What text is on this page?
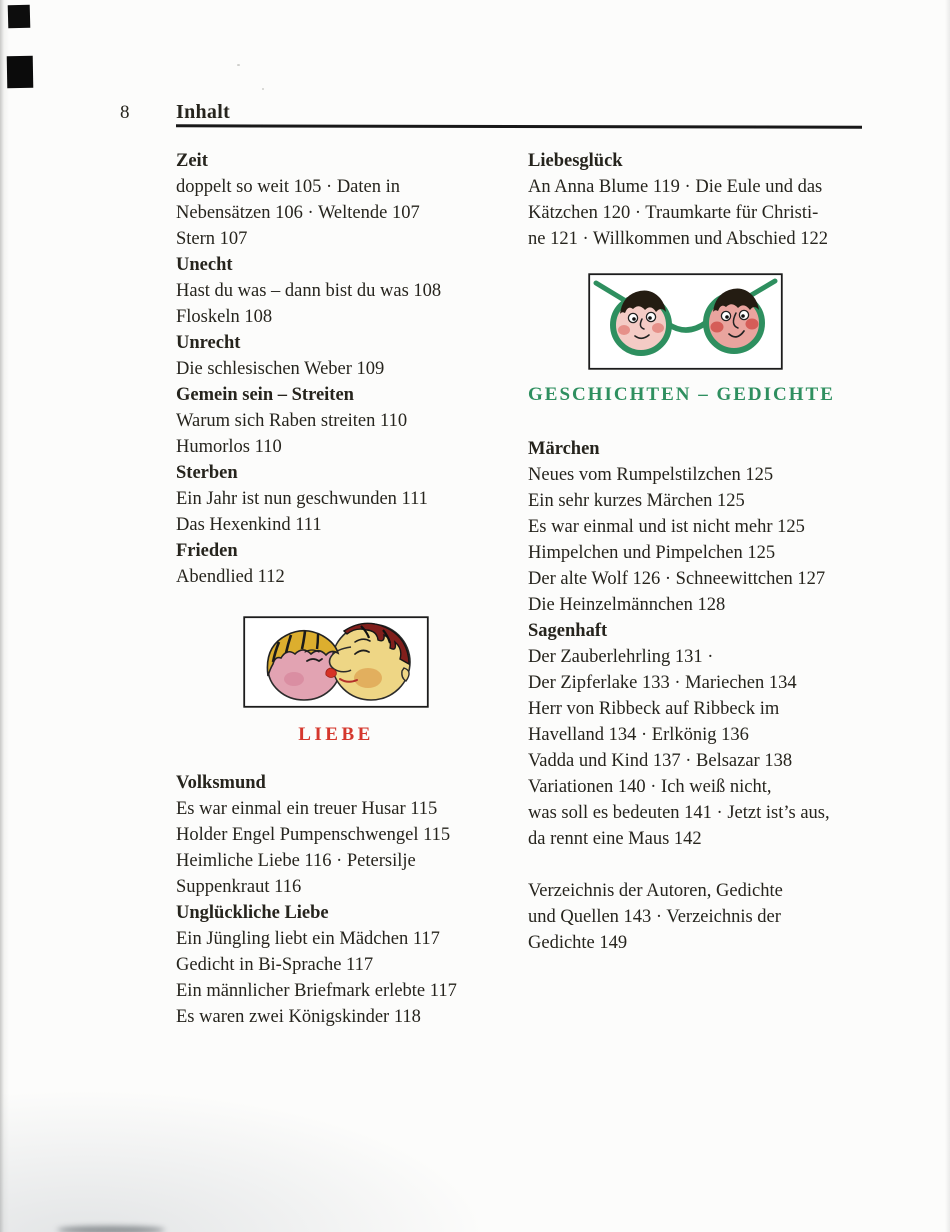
8 Inhalt
Zeit
doppelt so weit 105 · Daten in
Nebensätzen 106 · Weltende 107
Stern 107
Unecht
Hast du was – dann bist du was 108
Floskeln 108
Unrecht
Die schlesischen Weber 109
Gemein sein – Streiten
Warum sich Raben streiten 110
Humorlos 110
Sterben
Ein Jahr ist nun geschwunden 111
Das Hexenkind 111
Frieden
Abendlied 112
LIEBE
Volksmund
Es war einmal ein treuer Husar 115
Holder Engel Pumpenschwengel 115
Heimliche Liebe 116 · Petersilje
Suppenkraut 116
Unglückliche Liebe
Ein Jüngling liebt ein Mädchen 117
Gedicht in Bi-Sprache 117
Ein männlicher Briefmark erlebte 117
Es waren zwei Königskinder 118
Liebesglück
An Anna Blume 119 · Die Eule und das
Kätzchen 120 · Traumkarte für Christi-
ne 121 · Willkommen und Abschied 122
GESCHICHTEN – GEDICHTE
Märchen
Neues vom Rumpelstilzchen 125
Ein sehr kurzes Märchen 125
Es war einmal und ist nicht mehr 125
Himpelchen und Pimpelchen 125
Der alte Wolf 126 · Schneewittchen 127
Die Heinzelmännchen 128
Sagenhaft
Der Zauberlehrling 131 ·
Der Zipferlake 133 · Mariechen 134
Herr von Ribbeck auf Ribbeck im
Havelland 134 · Erlkönig 136
Vadda und Kind 137 · Belsazar 138
Variationen 140 · Ich weiß nicht,
was soll es bedeuten 141 · Jetzt ist’s aus,
da rennt eine Maus 142
Verzeichnis der Autoren, Gedichte
und Quellen 143 · Verzeichnis der
Gedichte 149
